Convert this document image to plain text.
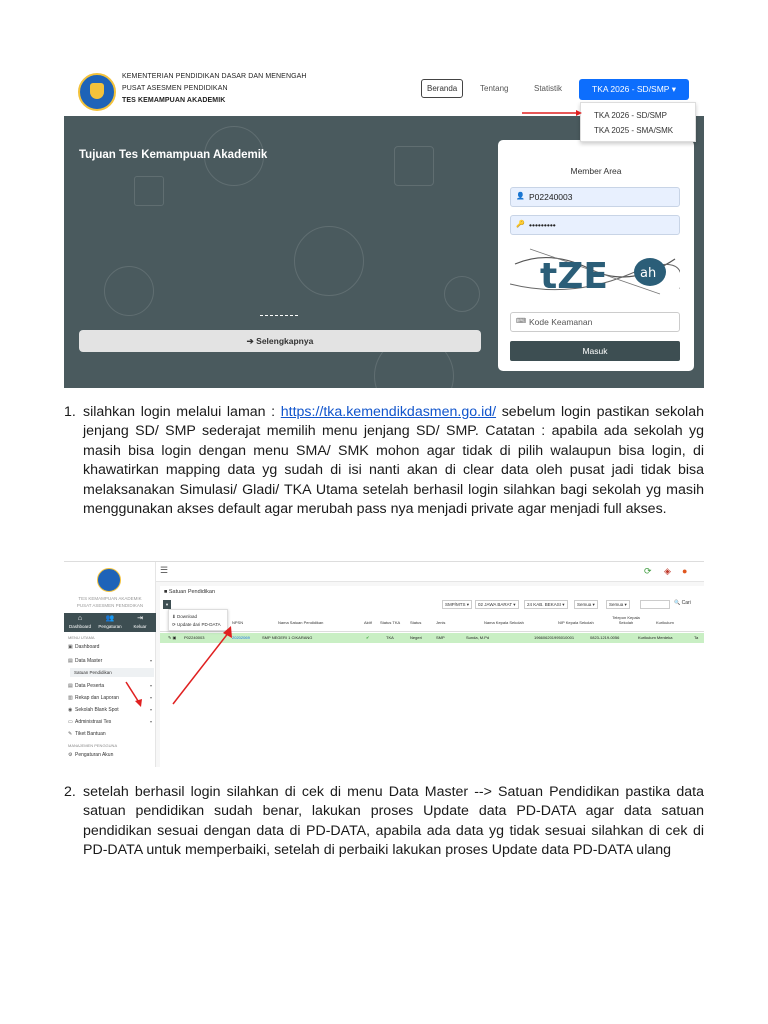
KEMENTERIAN PENDIDIKAN DASAR DAN MENENGAH
PUSAT ASESMEN PENDIDIKAN
TES KEMAMPUAN AKADEMIK
Beranda	Tentang	Statistik	TKA 2026 - SD/SMP ▾
TKA 2026 - SD/SMP
TKA 2025 - SMA/SMK
Tujuan Tes Kemampuan Akademik
➔ Selengkapnya
Member Area
👤 P02240003
🔑 •••••••••
tZE ah
⌨ Kode Keamanan
Masuk
1. silahkan login melalui laman : https://tka.kemendikdasmen.go.id/ sebelum login pastikan sekolah jenjang SD/ SMP sederajat memilih menu jenjang SD/ SMP. Catatan : apabila ada sekolah yg masih bisa login dengan menu SMA/ SMK mohon agar tidak di pilih walaupun bisa login, di khawatirkan mapping data yg sudah di isi nanti akan di clear data oleh pusat jadi tidak bisa melaksanakan Simulasi/ Gladi/ TKA Utama setelah berhasil login silahkan bagi sekolah yg masih menggunakan akses default agar merubah pass nya menjadi private agar menjadi full akses.
TES KEMAMPUAN AKADEMIK
PUSAT ASESMEN PENDIDIKAN
⌂
Dashboard
👥
Pengaturan
⇥
Keluar
MENU UTAMA
▣ Dashboard
▤ Data Master	▾
Satuan Pendidikan
▤ Data Peserta	▾
▥ Rekap dan Laporan	▾
◉ Sekolah Blank Spot	▾
▭ Administrasi Tes	▾
✎ Tiket Bantuan
MANAJEMEN PENGGUNA
⚙ Pengaturan Akun
☰	⟳ ◈ ●
■ Satuan Pendidikan
▾
⬇ Download
⟳ Update dari PD-DATA
SMP/MTS ▾	02 JAWA BARAT ▾	24 KAB. BEKASI ▾	Semua ▾	Semua ▾	🔍 Cari
NPSN	Nama Satuan Pendidikan	Aktif Status TKA Status	Jenis	Nama Kepala Sekolah	NIP Kepala Sekolah
Telepon Kepala Sekolah	Kurikulum
✎ ▣ P02240003	20202069	SMP NEGERI 1 CIKARANG	✔	TKA	Negeri	SMP	Sunda, M.Pd	196606201995010001	0823-1219-0056	Kurikulum Merdeka	Ta
2. setelah berhasil login silahkan di cek di menu Data Master --> Satuan Pendidikan pastika data satuan pendidikan sudah benar, lakukan proses Update data PD-DATA agar data satuan pendidikan sesuai dengan data di PD-DATA, apabila ada data yg tidak sesuai silahkan di cek di PD-DATA untuk memperbaiki, setelah di perbaiki lakukan proses Update data PD-DATA ulang
